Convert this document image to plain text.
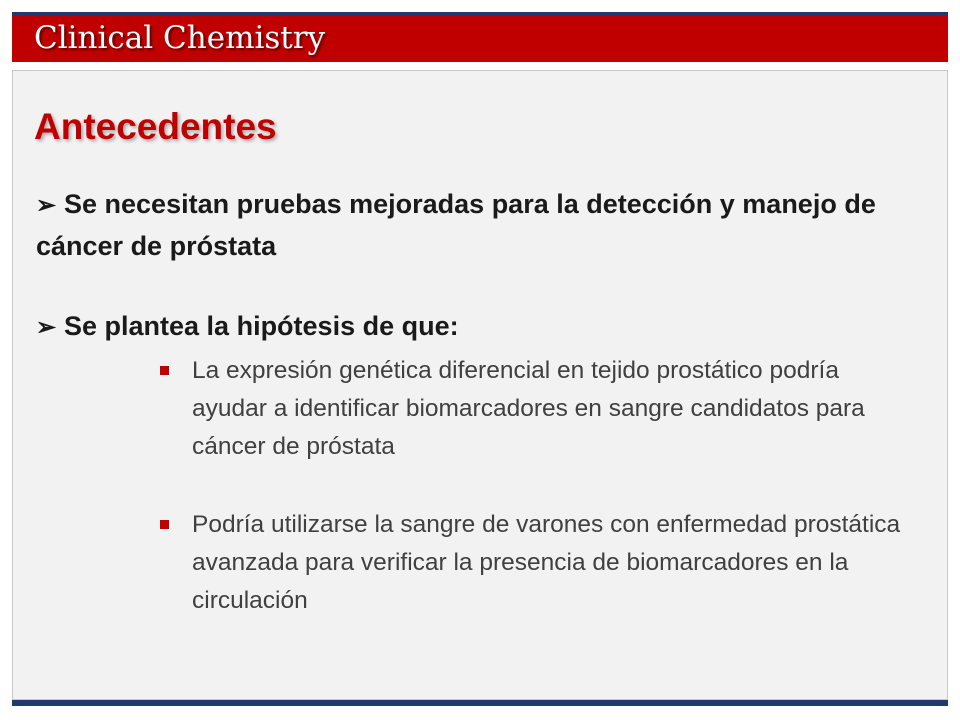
Clinical Chemistry
Antecedentes
➢ Se necesitan pruebas mejoradas para la detección y manejo de cáncer de próstata
➢ Se plantea la hipótesis de que:
La expresión genética diferencial en tejido prostático podría ayudar a identificar biomarcadores en sangre candidatos para cáncer de próstata
Podría utilizarse la sangre de varones con enfermedad prostática avanzada para verificar la presencia de biomarcadores en la circulación
